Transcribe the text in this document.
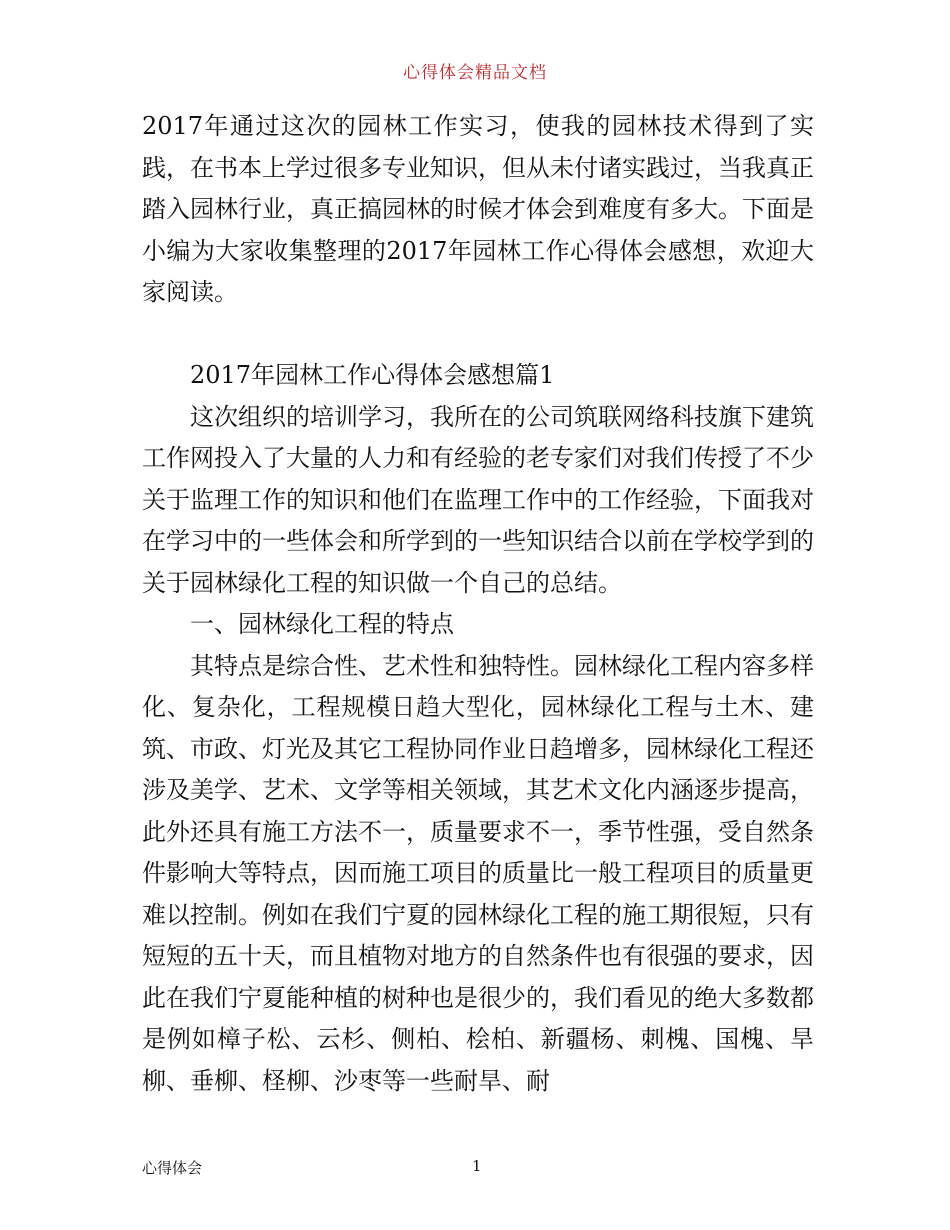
心得体会精品文档

2017年通过这次的园林工作实习，使我的园林技术得到了实践，在书本上学过很多专业知识，但从未付诸实践过，当我真正踏入园林行业，真正搞园林的时候才体会到难度有多大。下面是小编为大家收集整理的2017年园林工作心得体会感想，欢迎大家阅读。

2017年园林工作心得体会感想篇1

这次组织的培训学习，我所在的公司筑联网络科技旗下建筑工作网投入了大量的人力和有经验的老专家们对我们传授了不少关于监理工作的知识和他们在监理工作中的工作经验，下面我对在学习中的一些体会和所学到的一些知识结合以前在学校学到的关于园林绿化工程的知识做一个自己的总结。

一、园林绿化工程的特点

其特点是综合性、艺术性和独特性。园林绿化工程内容多样化、复杂化，工程规模日趋大型化，园林绿化工程与土木、建筑、市政、灯光及其它工程协同作业日趋增多，园林绿化工程还涉及美学、艺术、文学等相关领域，其艺术文化内涵逐步提高，此外还具有施工方法不一，质量要求不一，季节性强，受自然条件影响大等特点，因而施工项目的质量比一般工程项目的质量更难以控制。例如在我们宁夏的园林绿化工程的施工期很短，只有短短的五十天，而且植物对地方的自然条件也有很强的要求，因此在我们宁夏能种植的树种也是很少的，我们看见的绝大多数都是例如樟子松、云杉、侧柏、桧柏、新疆杨、刺槐、国槐、旱柳、垂柳、柽柳、沙枣等一些耐旱、耐

心得体会	1
